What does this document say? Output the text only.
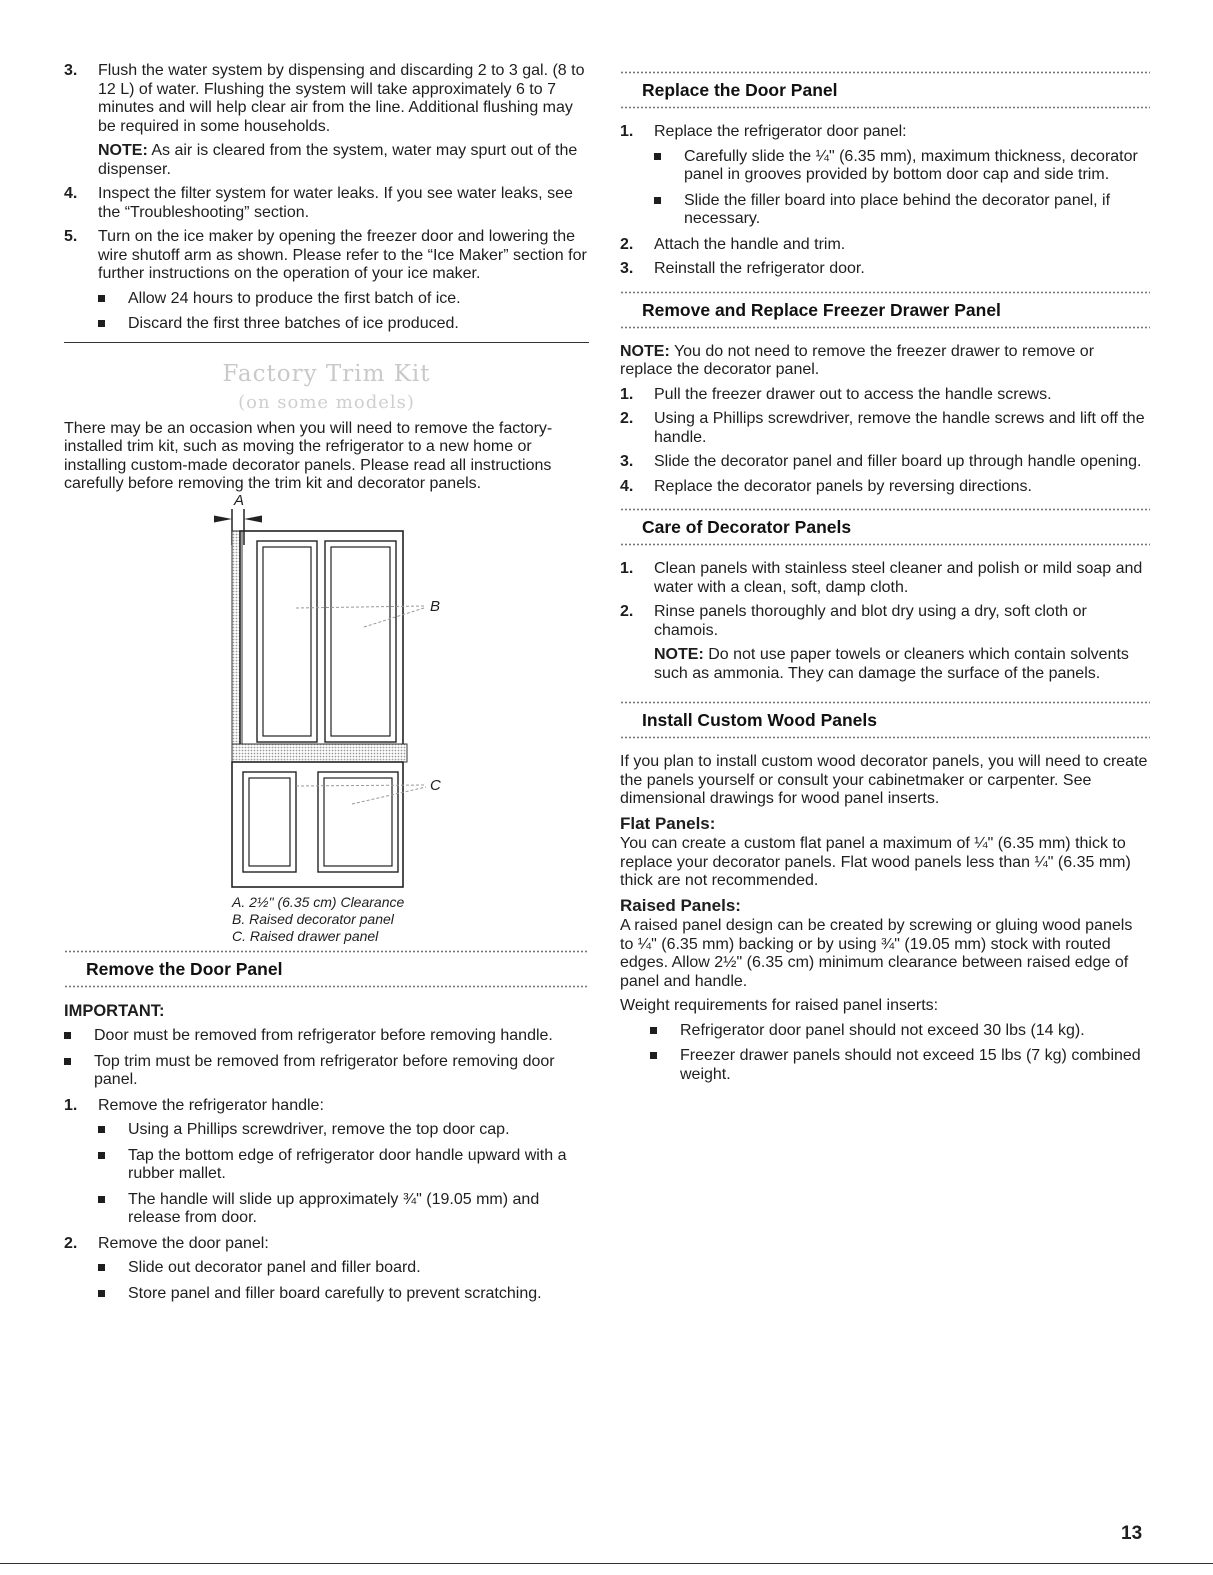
3. Flush the water system by dispensing and discarding 2 to 3 gal. (8 to 12 L) of water. Flushing the system will take approximately 6 to 7 minutes and will help clear air from the line. Additional flushing may be required in some households.

NOTE: As air is cleared from the system, water may spurt out of the dispenser.

4. Inspect the filter system for water leaks. If you see water leaks, see the “Troubleshooting” section.

5. Turn on the ice maker by opening the freezer door and lowering the wire shutoff arm as shown. Please refer to the “Ice Maker” section for further instructions on the operation of your ice maker.

Allow 24 hours to produce the first batch of ice.
Discard the first three batches of ice produced.
Factory Trim Kit
(on some models)

There may be an occasion when you will need to remove the factory-installed trim kit, such as moving the refrigerator to a new home or installing custom-made decorator panels. Please read all instructions carefully before removing the trim kit and decorator panels.

A
B
C
A. 2½" (6.35 cm) Clearance
B. Raised decorator panel
C. Raised drawer panel
Remove the Door Panel
IMPORTANT:
Door must be removed from refrigerator before removing handle.
Top trim must be removed from refrigerator before removing door panel.
1. Remove the refrigerator handle:

Using a Phillips screwdriver, remove the top door cap.
Tap the bottom edge of refrigerator door handle upward with a rubber mallet.
The handle will slide up approximately ¾" (19.05 mm) and release from door.
2. Remove the door panel:

Slide out decorator panel and filler board.
Store panel and filler board carefully to prevent scratching.
Replace the Door Panel
1. Replace the refrigerator door panel:

Carefully slide the ¼" (6.35 mm), maximum thickness, decorator panel in grooves provided by bottom door cap and side trim.
Slide the filler board into place behind the decorator panel, if necessary.
2. Attach the handle and trim.

3. Reinstall the refrigerator door.

Remove and Replace Freezer Drawer Panel

NOTE: You do not need to remove the freezer drawer to remove or replace the decorator panel.

1. Pull the freezer drawer out to access the handle screws.

2. Using a Phillips screwdriver, remove the handle screws and lift off the handle.

3. Slide the decorator panel and filler board up through handle opening.

4. Replace the decorator panels by reversing directions.

Care of Decorator Panels
1. Clean panels with stainless steel cleaner and polish or mild soap and water with a clean, soft, damp cloth.

2. Rinse panels thoroughly and blot dry using a dry, soft cloth or chamois.

NOTE: Do not use paper towels or cleaners which contain solvents such as ammonia. They can damage the surface of the panels.

Install Custom Wood Panels

If you plan to install custom wood decorator panels, you will need to create the panels yourself or consult your cabinetmaker or carpenter. See dimensional drawings for wood panel inserts.

Flat Panels:

You can create a custom flat panel a maximum of ¼" (6.35 mm) thick to replace your decorator panels. Flat wood panels less than ¼" (6.35 mm) thick are not recommended.

Raised Panels:

A raised panel design can be created by screwing or gluing wood panels to ¼" (6.35 mm) backing or by using ¾" (19.05 mm) stock with routed edges. Allow 2½" (6.35 cm) minimum clearance between raised edge of panel and handle.

Weight requirements for raised panel inserts:

Refrigerator door panel should not exceed 30 lbs (14 kg).
Freezer drawer panels should not exceed 15 lbs (7 kg) combined weight.
13
